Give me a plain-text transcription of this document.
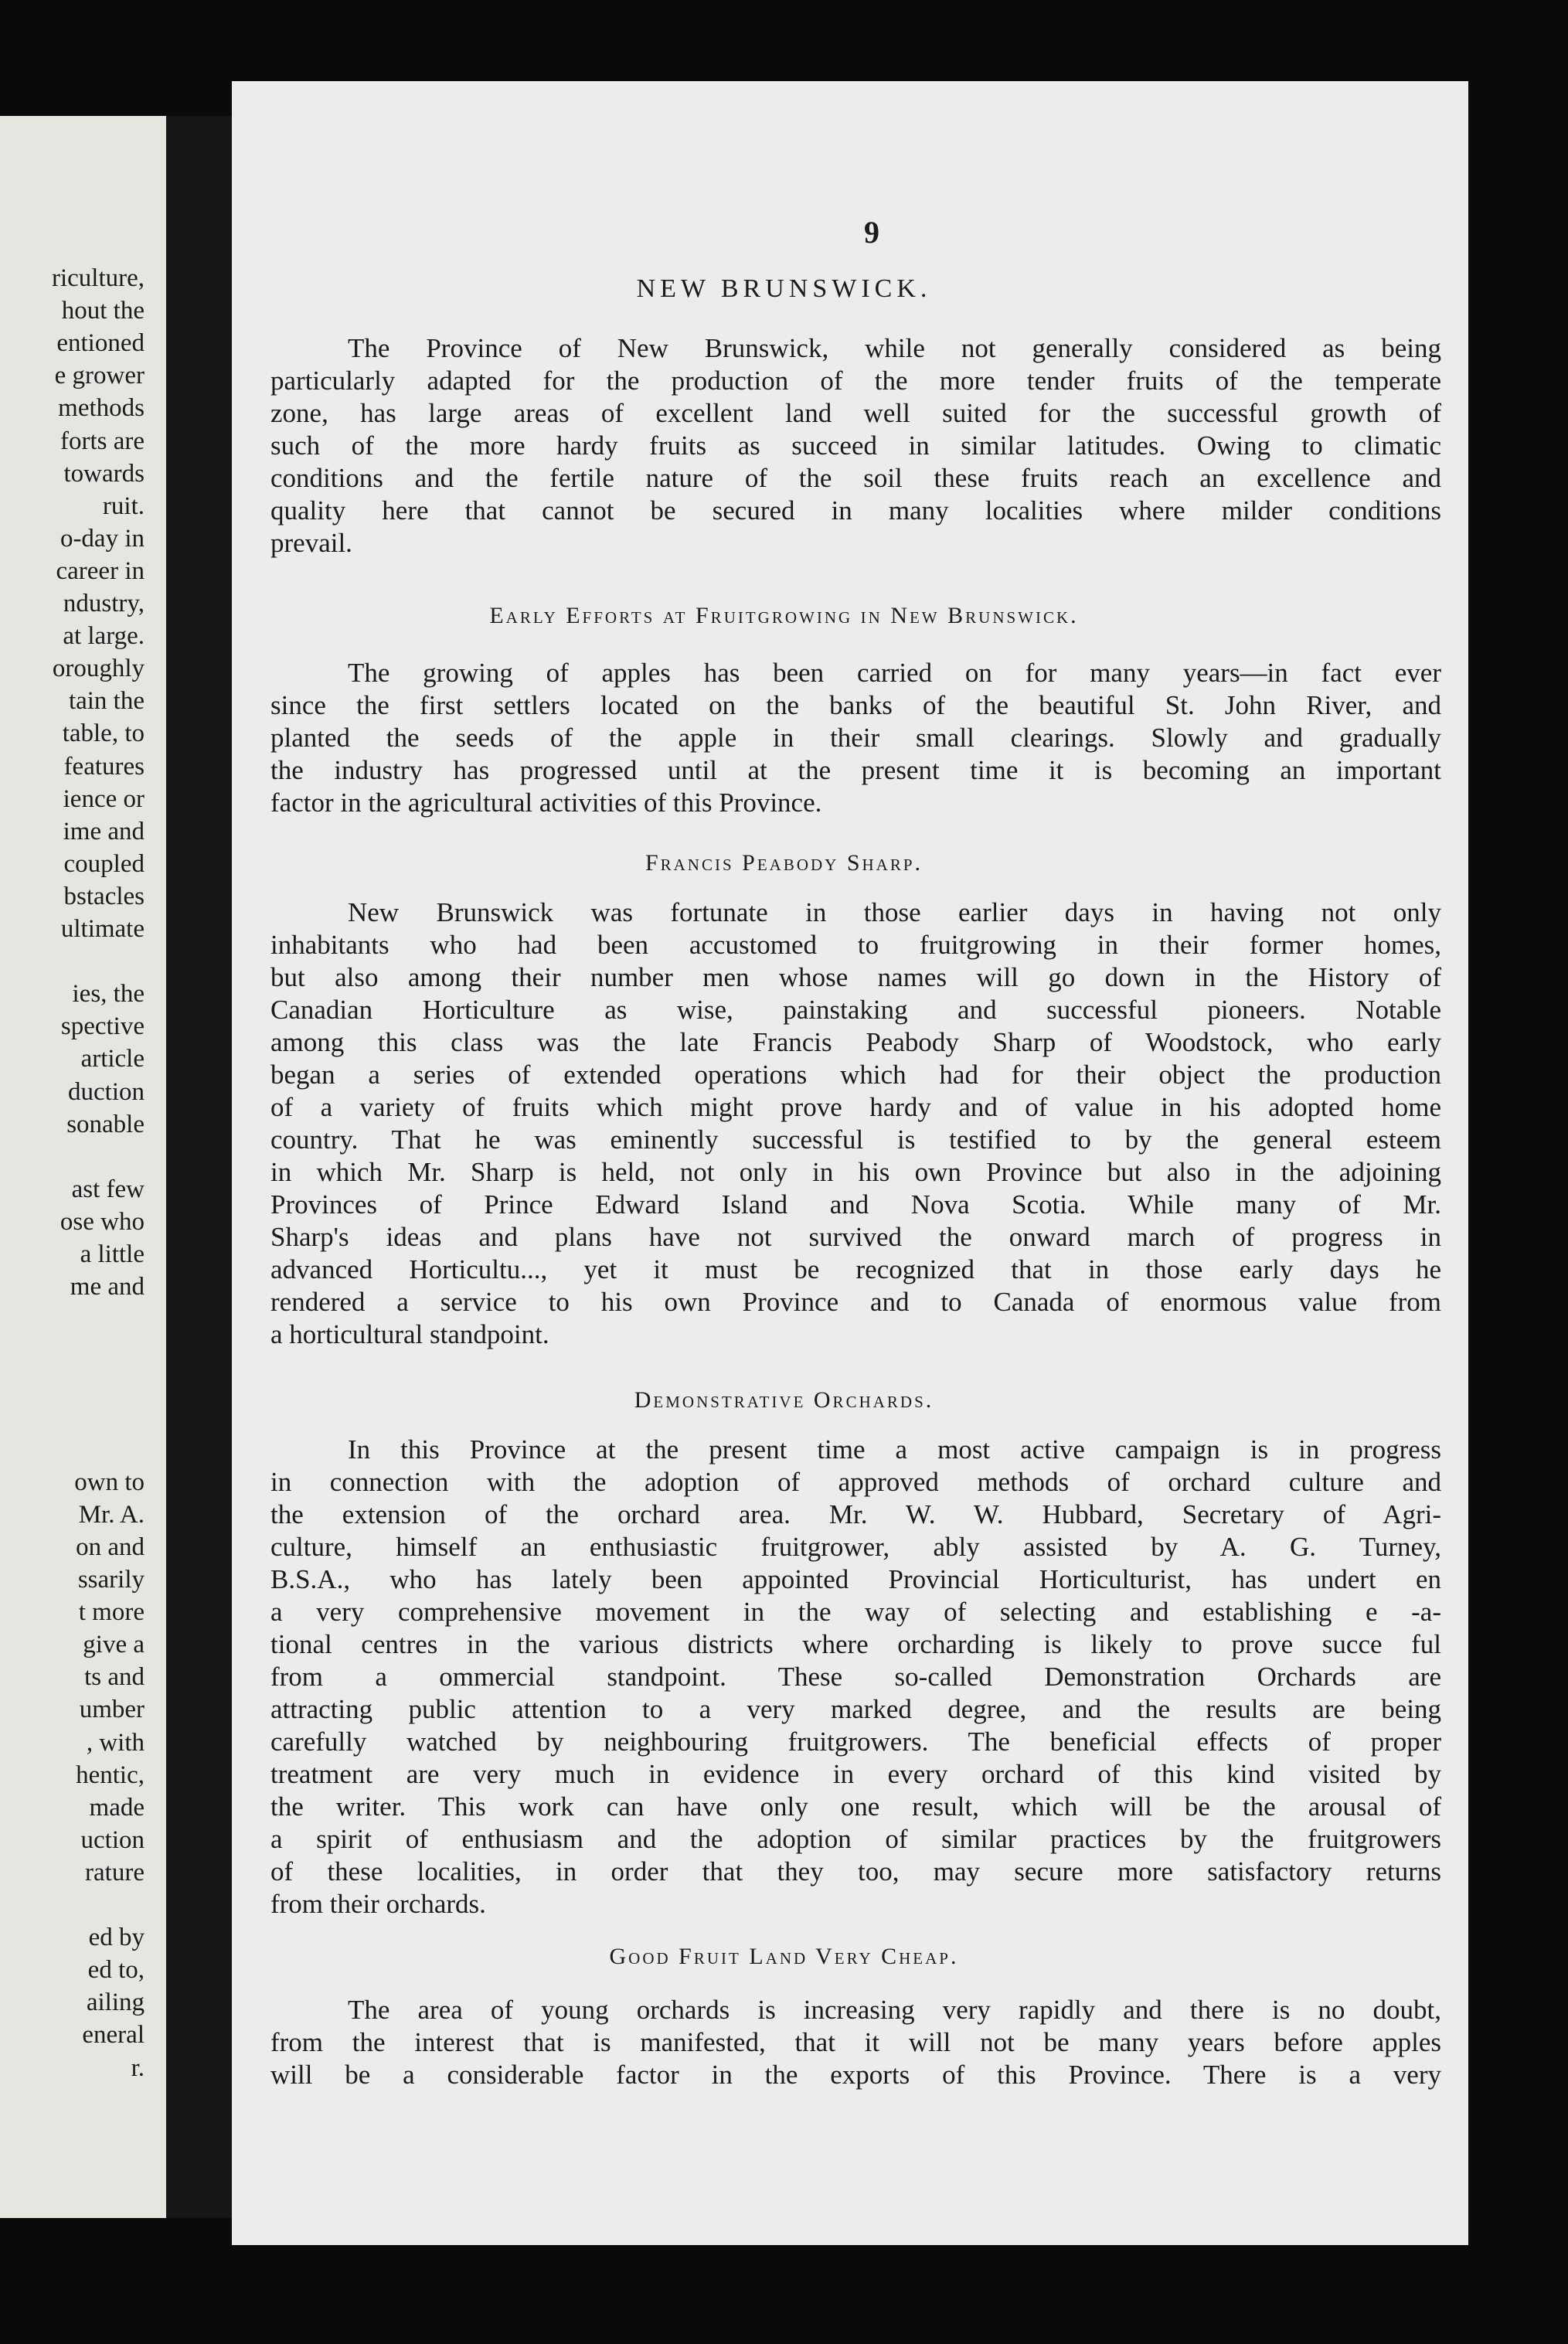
riculture,
hout the
entioned
e grower
methods
forts are
towards
ruit.
o-day in
career in
ndustry,
at large.
oroughly
tain the
table, to
features
ience or
ime and
coupled
bstacles
ultimate
ies, the
spective
article
duction
sonable
ast few
ose who
a little
me and
own to
Mr. A.
on and
ssarily
t more
give a
ts and
umber
, with
hentic,
made
uction
rature
ed by
ed to,
ailing
eneral
r.
9
NEW BRUNSWICK.
The Province of New Brunswick, while not generally considered as being
particularly adapted for the production of the more tender fruits of the temperate
zone, has large areas of excellent land well suited for the successful growth of
such of the more hardy fruits as succeed in similar latitudes. Owing to climatic
conditions and the fertile nature of the soil these fruits reach an excellence and
quality here that cannot be secured in many localities where milder conditions
prevail.
Early Efforts at Fruitgrowing in New Brunswick.
The growing of apples has been carried on for many years—in fact ever
since the first settlers located on the banks of the beautiful St. John River, and
planted the seeds of the apple in their small clearings. Slowly and gradually
the industry has progressed until at the present time it is becoming an important
factor in the agricultural activities of this Province.
Francis Peabody Sharp.
New Brunswick was fortunate in those earlier days in having not only
inhabitants who had been accustomed to fruitgrowing in their former homes,
but also among their number men whose names will go down in the History of
Canadian Horticulture as wise, painstaking and successful pioneers. Notable
among this class was the late Francis Peabody Sharp of Woodstock, who early
began a series of extended operations which had for their object the production
of a variety of fruits which might prove hardy and of value in his adopted home
country. That he was eminently successful is testified to by the general esteem
in which Mr. Sharp is held, not only in his own Province but also in the adjoining
Provinces of Prince Edward Island and Nova Scotia. While many of Mr.
Sharp's ideas and plans have not survived the onward march of progress in
advanced Horticultu..., yet it must be recognized that in those early days he
rendered a service to his own Province and to Canada of enormous value from
a horticultural standpoint.
Demonstrative Orchards.
In this Province at the present time a most active campaign is in progress
in connection with the adoption of approved methods of orchard culture and
the extension of the orchard area. Mr. W. W. Hubbard, Secretary of Agri-
culture, himself an enthusiastic fruitgrower, ably assisted by A. G. Turney,
B.S.A., who has lately been appointed Provincial Horticulturist, has undert en
a very comprehensive movement in the way of selecting and establishing e -a-
tional centres in the various districts where orcharding is likely to prove succe ful
from a ommercial standpoint. These so-called Demonstration Orchards are
attracting public attention to a very marked degree, and the results are being
carefully watched by neighbouring fruitgrowers. The beneficial effects of proper
treatment are very much in evidence in every orchard of this kind visited by
the writer. This work can have only one result, which will be the arousal of
a spirit of enthusiasm and the adoption of similar practices by the fruitgrowers
of these localities, in order that they too, may secure more satisfactory returns
from their orchards.
Good Fruit Land Very Cheap.
The area of young orchards is increasing very rapidly and there is no doubt,
from the interest that is manifested, that it will not be many years before apples
will be a considerable factor in the exports of this Province. There is a very
